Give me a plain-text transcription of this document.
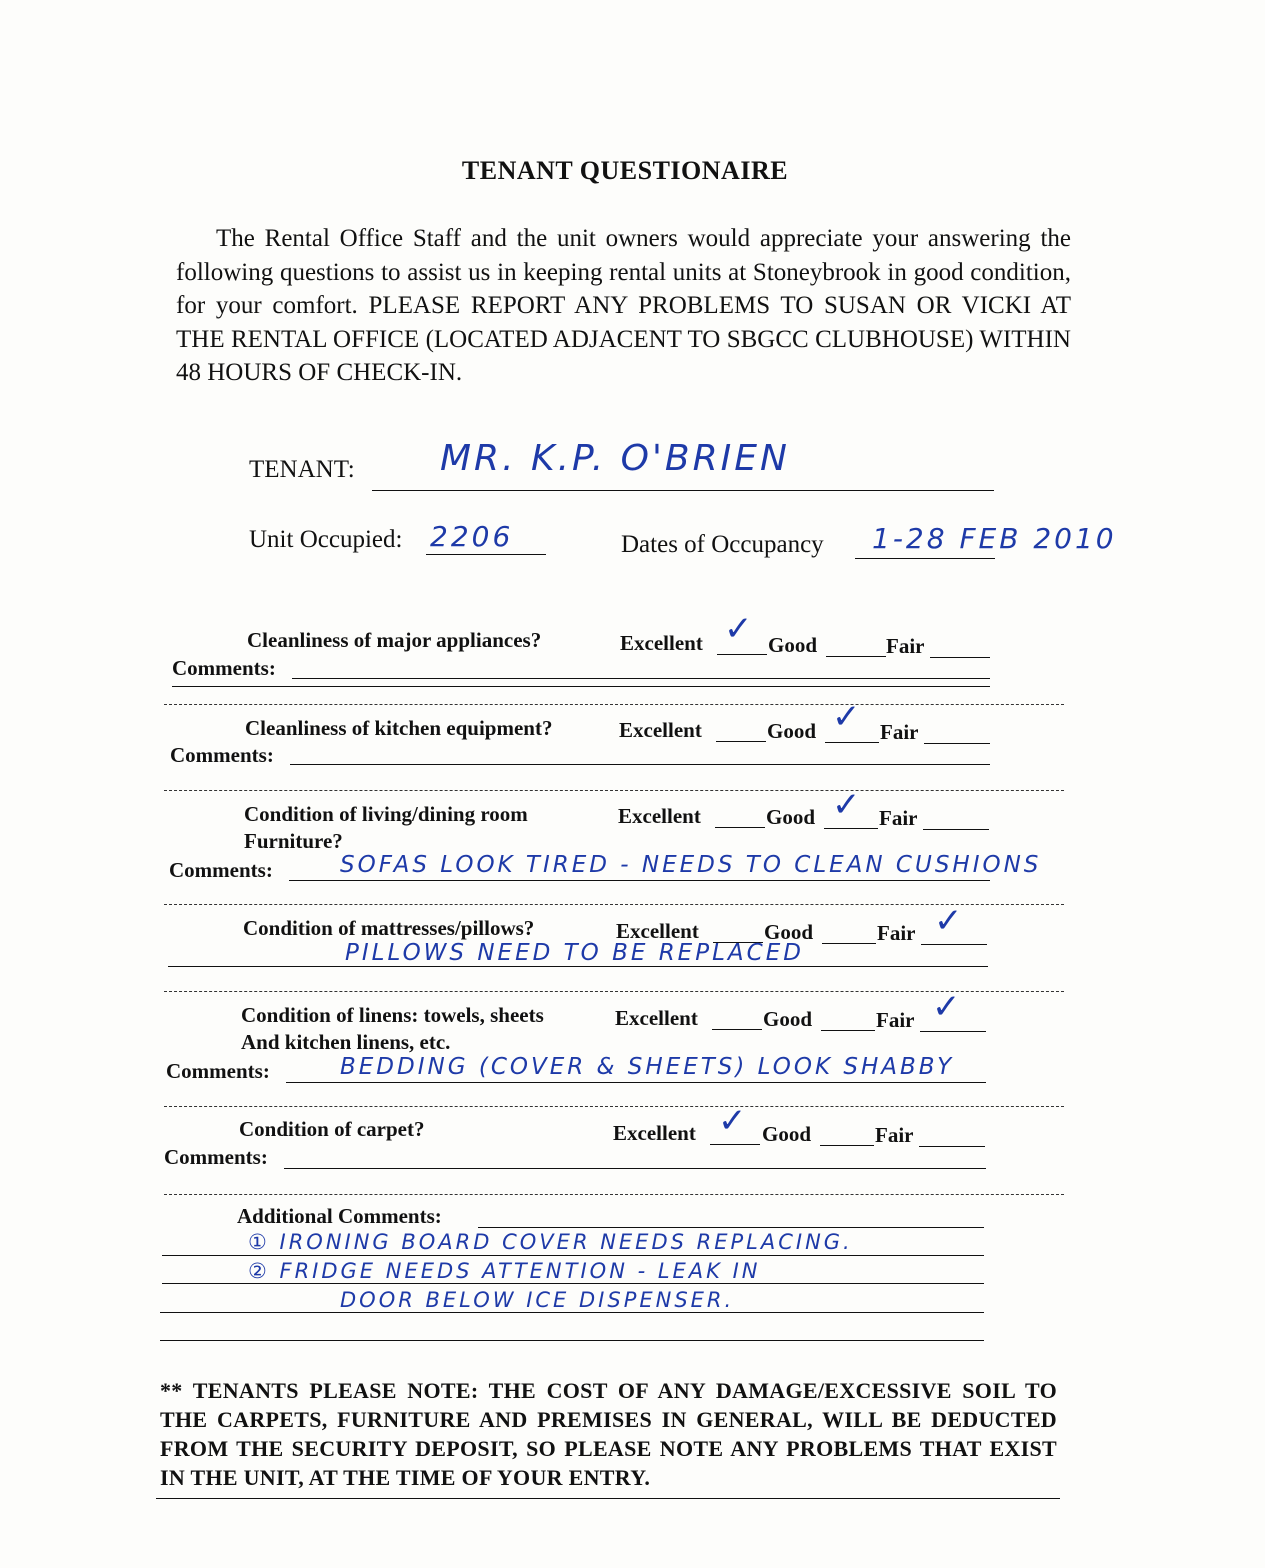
TENANT QUESTIONAIRE
The Rental Office Staff and the unit owners would appreciate your answering the following questions to assist us in keeping rental units at Stoneybrook in good condition, for your comfort. PLEASE REPORT ANY PROBLEMS TO SUSAN OR VICKI AT THE RENTAL OFFICE (LOCATED ADJACENT TO SBGCC CLUBHOUSE) WITHIN 48 HOURS OF CHECK-IN.
TENANT: MR. K.P. O'BRIEN
Unit Occupied: 2206	Dates of Occupancy 1-28 FEB 2010
Cleanliness of major appliances?	Excellent ✓ Good	Fair
Comments:
Cleanliness of kitchen equipment?	Excellent	Good ✓ Fair
Comments:
Condition of living/dining room
Furniture?
Excellent	Good ✓ Fair
Comments:	SOFAS LOOK TIRED - NEEDS TO CLEAN CUSHIONS
Condition of mattresses/pillows?	Excellent	Good	Fair ✓
PILLOWS NEED TO BE REPLACED
Condition of linens: towels, sheets
And kitchen linens, etc.
Excellent	Good	Fair ✓
Comments:	BEDDING (COVER & SHEETS) LOOK SHABBY
Condition of carpet?	Excellent ✓ Good	Fair
Comments:
Additional Comments:
① IRONING BOARD COVER NEEDS REPLACING.
② FRIDGE NEEDS ATTENTION - LEAK IN
DOOR BELOW ICE DISPENSER.
** TENANTS PLEASE NOTE: THE COST OF ANY DAMAGE/EXCESSIVE SOIL TO THE CARPETS, FURNITURE AND PREMISES IN GENERAL, WILL BE DEDUCTED FROM THE SECURITY DEPOSIT, SO PLEASE NOTE ANY PROBLEMS THAT EXIST IN THE UNIT, AT THE TIME OF YOUR ENTRY.
